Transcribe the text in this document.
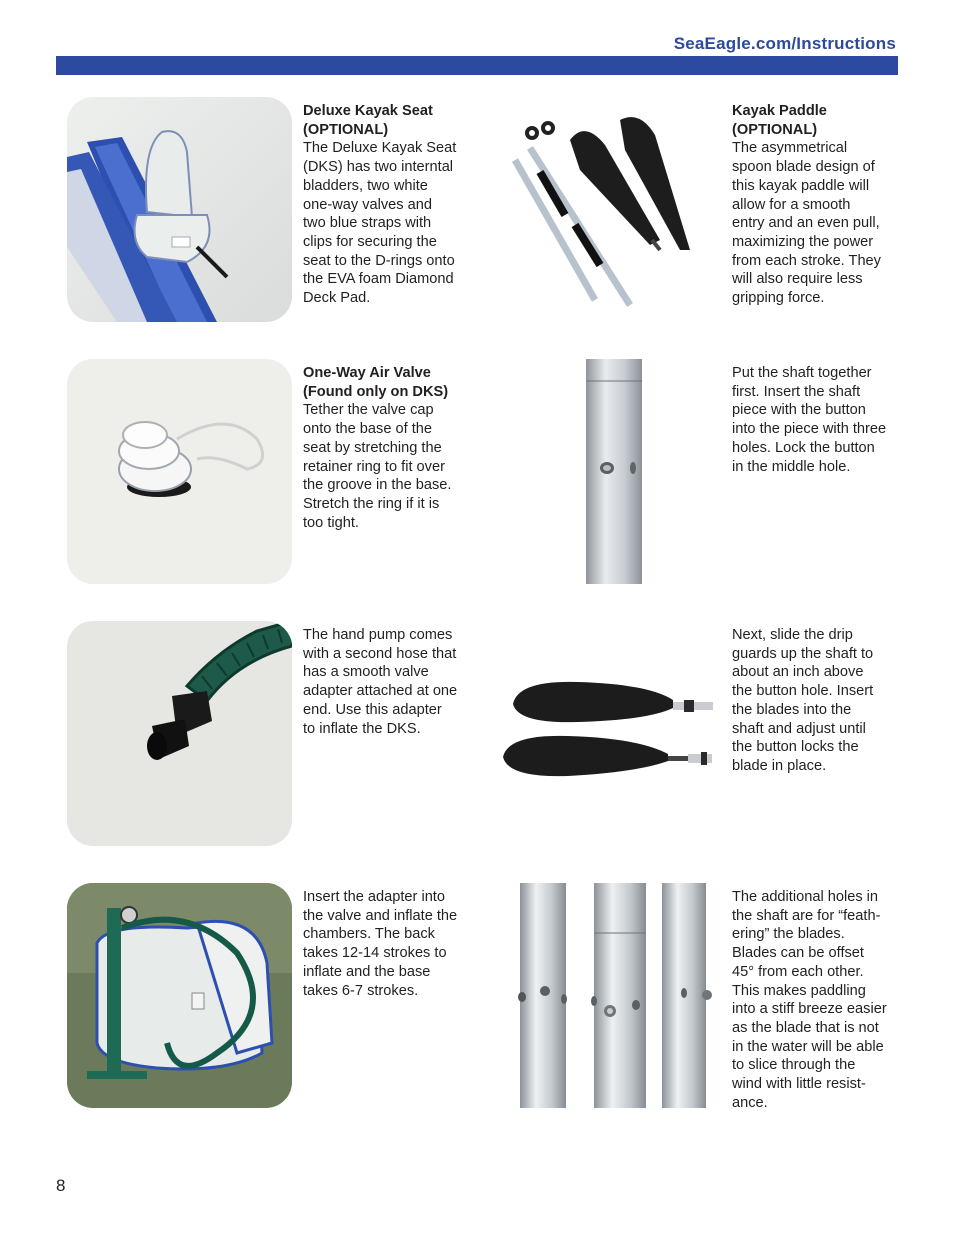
SeaEagle.com/Instructions
Deluxe Kayak Seat
(OPTIONAL)
The Deluxe Kayak Seat
(DKS) has two interntal
bladders, two white
one-way valves and
two blue straps with
clips for securing the
seat to the D-rings onto
the EVA foam Diamond
Deck Pad.
Kayak Paddle
(OPTIONAL)
The asymmetrical
spoon blade design of
this kayak paddle will
allow for a smooth
entry and an even pull,
maximizing the power
from each stroke. They
will also require less
gripping force.
One-Way Air Valve
(Found only on DKS)
Tether the valve cap
onto the base of the
seat by stretching the
retainer ring to fit over
the groove in the base.
Stretch the ring if it is
too tight.
Put the shaft together
first. Insert the shaft
piece with the button
into the piece with three
holes. Lock the button
in the middle hole.
The hand pump comes
with a second hose that
has a smooth valve
adapter attached at one
end. Use this adapter
to inflate the DKS.
Next, slide the drip
guards up the shaft to
about an inch above
the button hole. Insert
the blades into the
shaft and adjust until
the button locks the
blade in place.
Insert the adapter into
the valve and inflate the
chambers. The back
takes 12-14 strokes to
inflate and the base
takes 6-7 strokes.
The additional holes in
the shaft are for “feath-
ering” the blades.
Blades can be offset
45° from each other.
This makes paddling
into a stiff breeze easier
as the blade that is not
in the water will be able
to slice through the
wind with little resist-
ance.
8
